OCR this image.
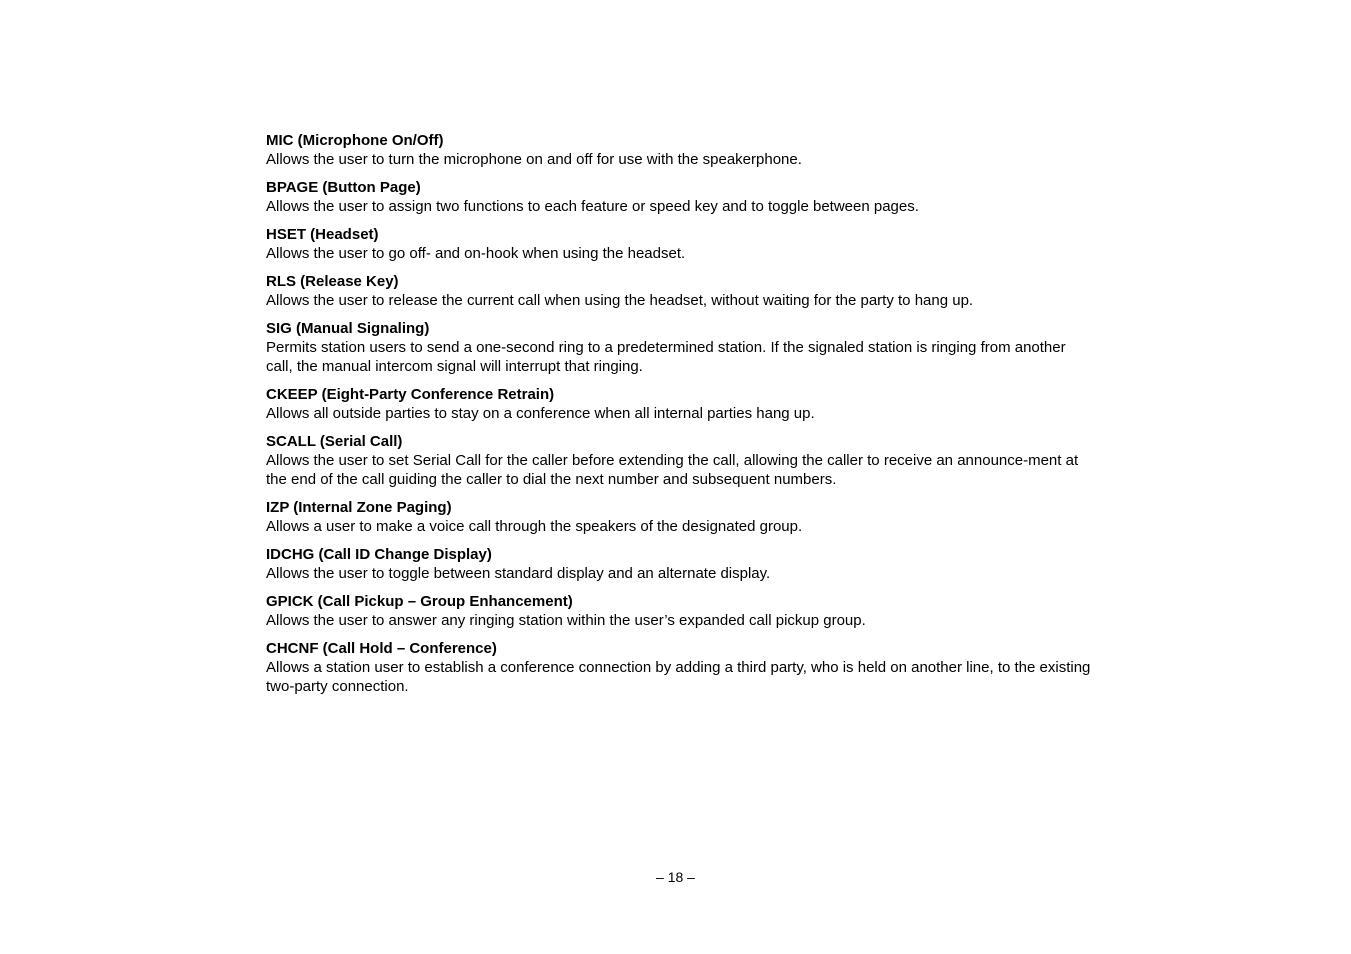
MIC (Microphone On/Off)
Allows the user to turn the microphone on and off for use with the speakerphone.
BPAGE (Button Page)
Allows the user to assign two functions to each feature or speed key and to toggle between pages.
HSET (Headset)
Allows the user to go off- and on-hook when using the headset.
RLS (Release Key)
Allows the user to release the current call when using the headset, without waiting for the party to hang up.
SIG (Manual Signaling)
Permits station users to send a one-second ring to a predetermined station. If the signaled station is ringing from another call, the manual intercom signal will interrupt that ringing.
CKEEP (Eight-Party Conference Retrain)
Allows all outside parties to stay on a conference when all internal parties hang up.
SCALL (Serial Call)
Allows the user to set Serial Call for the caller before extending the call, allowing the caller to receive an announce-ment at the end of the call guiding the caller to dial the next number and subsequent numbers.
IZP (Internal Zone Paging)
Allows a user to make a voice call through the speakers of the designated group.
IDCHG (Call ID Change Display)
Allows the user to toggle between standard display and an alternate display.
GPICK (Call Pickup – Group Enhancement)
Allows the user to answer any ringing station within the user’s expanded call pickup group.
CHCNF (Call Hold – Conference)
Allows a station user to establish a conference connection by adding a third party, who is held on another line, to the existing two-party connection.
– 18 –
